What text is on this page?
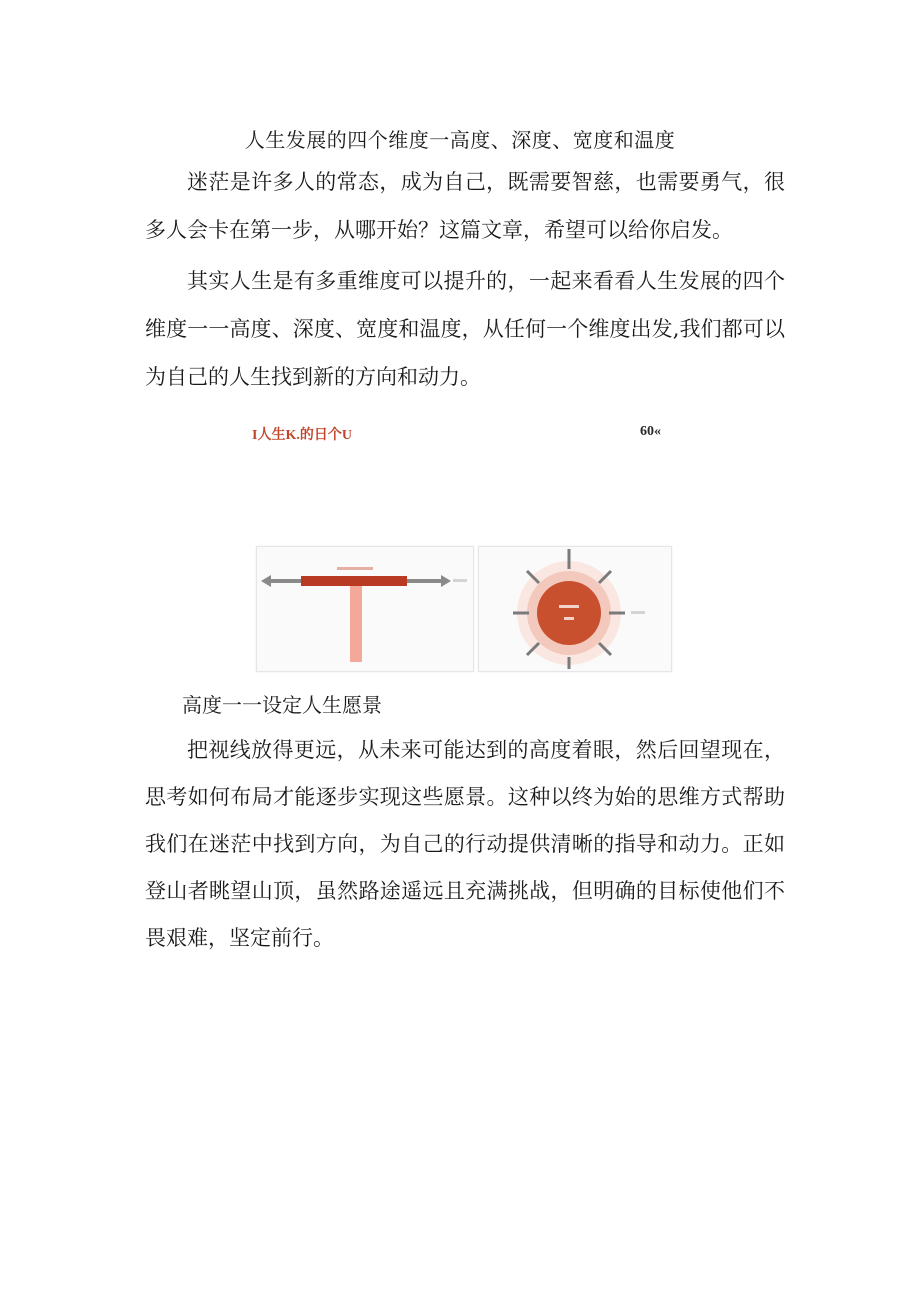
人生发展的四个维度一高度、深度、宽度和温度

迷茫是许多人的常态，成为自己，既需要智慈，也需要勇气，很多人会卡在第一步，从哪开始？这篇文章，希望可以给你启发。

其实人生是有多重维度可以提升的，一起来看看人生发展的四个维度一一高度、深度、宽度和温度，从任何一个维度出发,我们都可以为自己的人生找到新的方向和动力。

I人生K.的日个U	60«
高度一一设定人生愿景

把视线放得更远，从未来可能达到的高度着眼，然后回望现在，思考如何布局才能逐步实现这些愿景。这种以终为始的思维方式帮助我们在迷茫中找到方向，为自己的行动提供清晰的指导和动力。正如登山者眺望山顶，虽然路途遥远且充满挑战，但明确的目标使他们不畏艰难，坚定前行。
